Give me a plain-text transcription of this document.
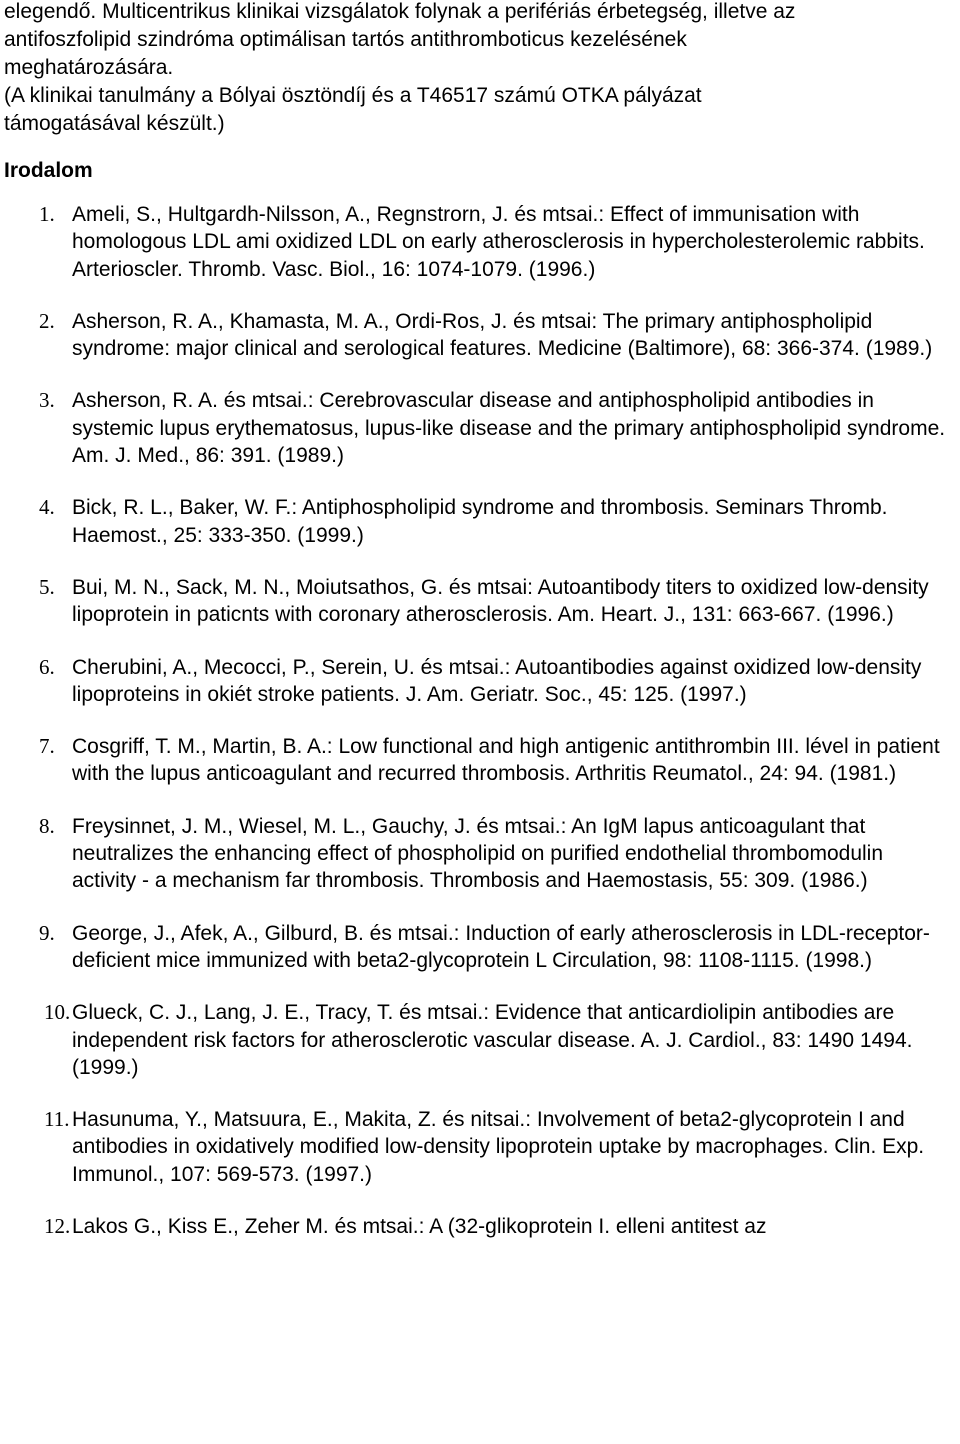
elegendő. Multicentrikus klinikai vizsgálatok folynak a perifériás érbetegség, illetve az
antifoszfolipid szindróma optimálisan tartós antithromboticus kezelésének
meghatározására.

(A klinikai tanulmány a Bólyai ösztöndíj és a T46517 számú OTKA pályázat
támogatásával készült.)

Irodalom
1. Ameli, S., Hultgardh-Nilsson, A., Regnstrorn, J. és mtsai.: Effect of immunisation with homologous LDL ami oxidized LDL on early atherosclerosis in hypercholesterolemic rabbits. Arterioscler. Thromb. Vasc. Biol., 16: 1074-1079. (1996.)
2. Asherson, R. A., Khamasta, M. A., Ordi-Ros, J. és mtsai: The primary antiphospholipid syndrome: major clinical and serological features. Medicine (Baltimore), 68: 366-374. (1989.)
3. Asherson, R. A. és mtsai.: Cerebrovascular disease and antiphospholipid antibodies in systemic lupus erythematosus, lupus-like disease and the primary antiphospholipid syndrome. Am. J. Med., 86: 391. (1989.)
4. Bick, R. L., Baker, W. F.: Antiphospholipid syndrome and thrombosis. Seminars Thromb. Haemost., 25: 333-350. (1999.)
5. Bui, M. N., Sack, M. N., Moiutsathos, G. és mtsai: Autoantibody titers to oxidized low-density lipoprotein in paticnts with coronary atherosclerosis. Am. Heart. J., 131: 663-667. (1996.)
6. Cherubini, A., Mecocci, P., Serein, U. és mtsai.: Autoantibodies against oxidized low-density lipoproteins in okiét stroke patients. J. Am. Geriatr. Soc., 45: 125. (1997.)
7. Cosgriff, T. M., Martin, B. A.: Low functional and high antigenic antithrombin III. lével in patient with the lupus anticoagulant and recurred thrombosis. Arthritis Reumatol., 24: 94. (1981.)
8. Freysinnet, J. M., Wiesel, M. L., Gauchy, J. és mtsai.: An IgM lapus anticoagulant that neutralizes the enhancing effect of phospholipid on purified endothelial thrombomodulin activity - a mechanism far thrombosis. Thrombosis and Haemostasis, 55: 309. (1986.)
9. George, J., Afek, A., Gilburd, B. és mtsai.: Induction of early atherosclerosis in LDL-receptor-deficient mice immunized with beta2-glycoprotein L Circulation, 98: 1108-1115. (1998.)
10. Glueck, C. J., Lang, J. E., Tracy, T. és mtsai.: Evidence that anticardiolipin antibodies are independent risk factors for atherosclerotic vascular disease. A. J. Cardiol., 83: 1490 1494. (1999.)
11. Hasunuma, Y., Matsuura, E., Makita, Z. és nitsai.: Involvement of beta2-glycoprotein I and antibodies in oxidatively modified low-density lipoprotein uptake by macrophages. Clin. Exp. Immunol., 107: 569-573. (1997.)
12. Lakos G., Kiss E., Zeher M. és mtsai.: A (32-glikoprotein I. elleni antitest az
